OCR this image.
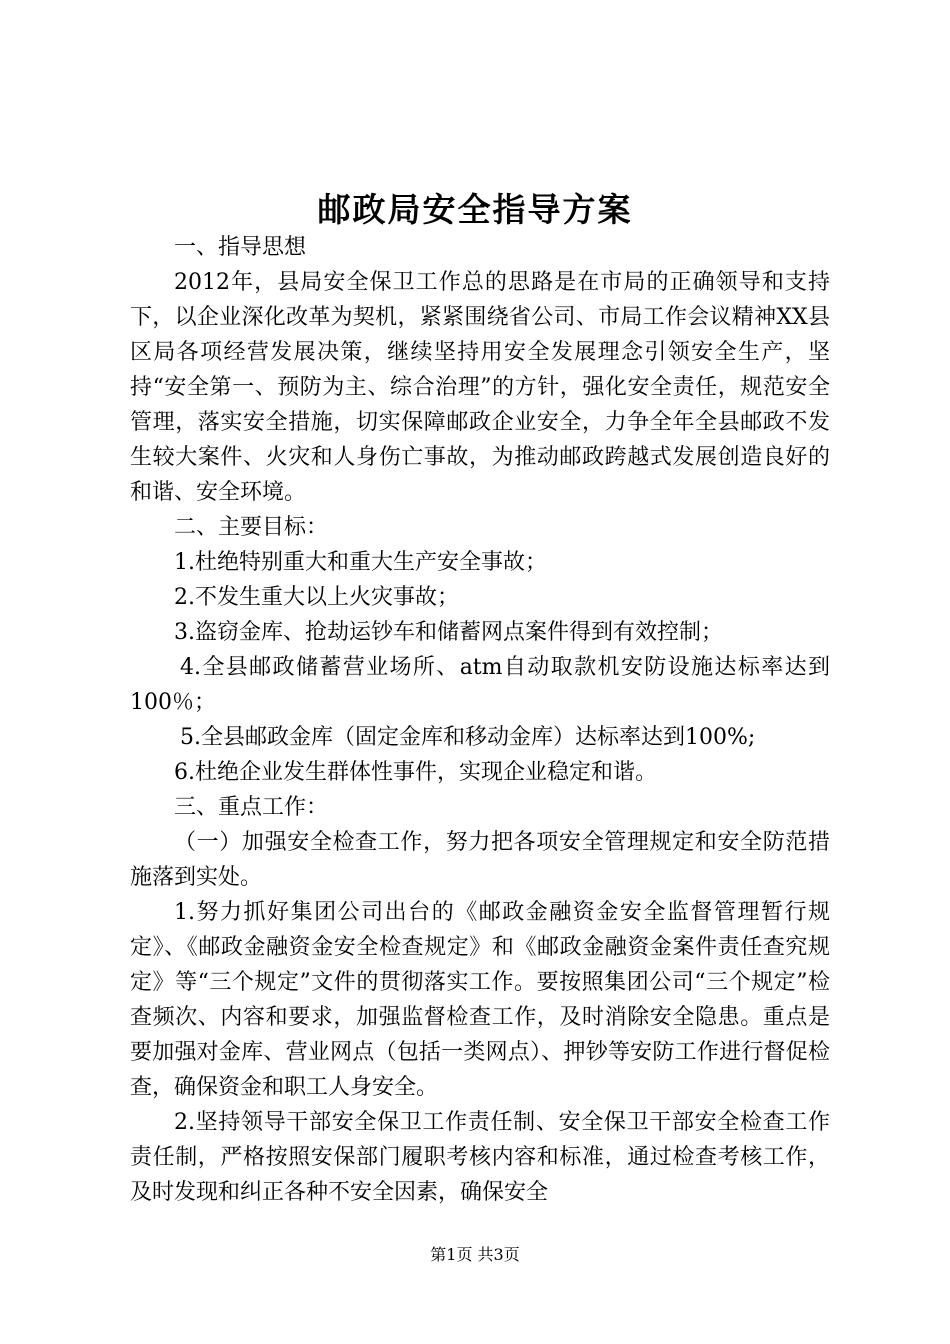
邮政局安全指导方案

一、指导思想

2012年，县局安全保卫工作总的思路是在市局的正确领导和支持下，以企业深化改革为契机，紧紧围绕省公司、市局工作会议精神XX县区局各项经营发展决策，继续坚持用安全发展理念引领安全生产，坚持“安全第一、预防为主、综合治理”的方针，强化安全责任，规范安全管理，落实安全措施，切实保障邮政企业安全，力争全年全县邮政不发生较大案件、火灾和人身伤亡事故，为推动邮政跨越式发展创造良好的和谐、安全环境。

二、主要目标：

1.杜绝特别重大和重大生产安全事故；

2.不发生重大以上火灾事故；

3.盗窃金库、抢劫运钞车和储蓄网点案件得到有效控制；

4.全县邮政储蓄营业场所、atm自动取款机安防设施达标率达到100％；

5.全县邮政金库（固定金库和移动金库）达标率达到100%;

6.杜绝企业发生群体性事件，实现企业稳定和谐。

三、重点工作：

（一）加强安全检查工作，努力把各项安全管理规定和安全防范措施落到实处。

1.努力抓好集团公司出台的《邮政金融资金安全监督管理暂行规定》、《邮政金融资金安全检查规定》和《邮政金融资金案件责任查究规定》等“三个规定”文件的贯彻落实工作。要按照集团公司“三个规定”检查频次、内容和要求，加强监督检查工作，及时消除安全隐患。重点是要加强对金库、营业网点（包括一类网点）、押钞等安防工作进行督促检查，确保资金和职工人身安全。

2.坚持领导干部安全保卫工作责任制、安全保卫干部安全检查工作责任制，严格按照安保部门履职考核内容和标准，通过检查考核工作，及时发现和纠正各种不安全因素，确保安全

第1页 共3页
